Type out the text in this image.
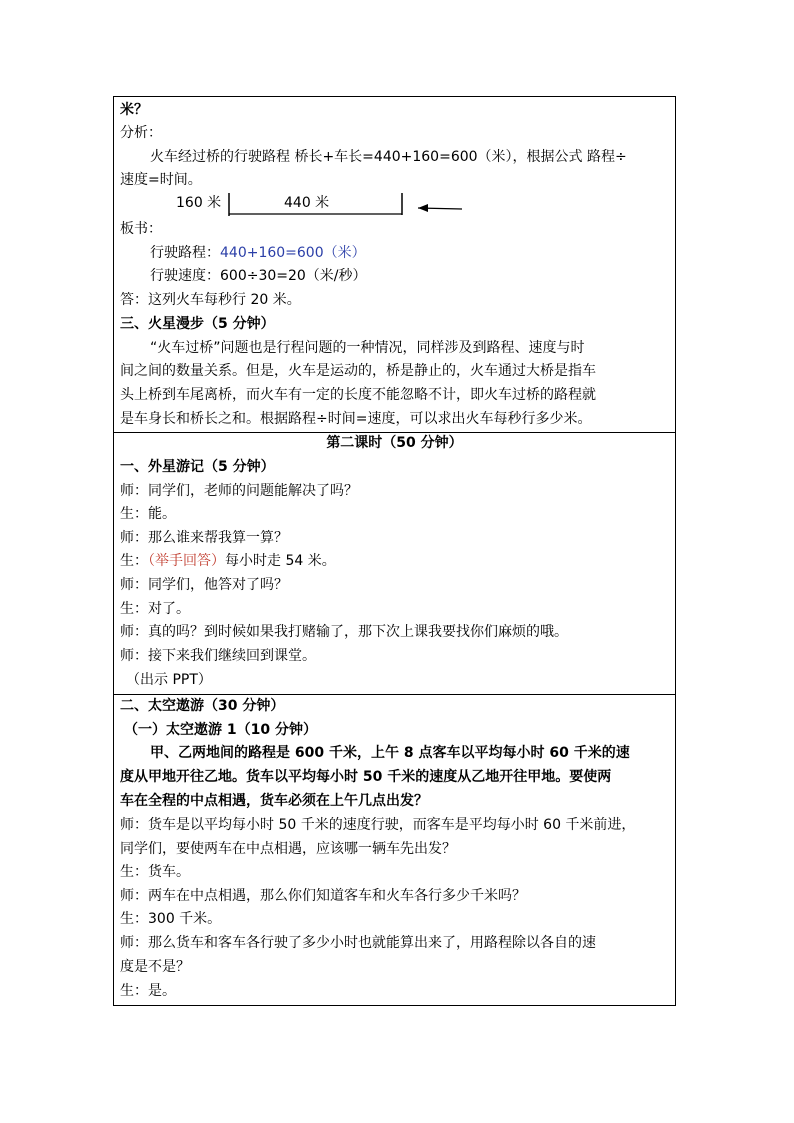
米？
分析：
火车经过桥的行驶路程 桥长+车长=440+160=600（米），根据公式 路程÷
速度=时间。
160 米	440 米
板书：
行驶路程：440+160=600（米）
行驶速度：600÷30=20（米/秒）
答：这列火车每秒行 20 米。
三、火星漫步（5 分钟）
“火车过桥”问题也是行程问题的一种情况，同样涉及到路程、速度与时
间之间的数量关系。但是，火车是运动的，桥是静止的，火车通过大桥是指车
头上桥到车尾离桥，而火车有一定的长度不能忽略不计，即火车过桥的路程就
是车身长和桥长之和。根据路程÷时间=速度，可以求出火车每秒行多少米。
第二课时（50 分钟）
一、外星游记（5 分钟）
师：同学们，老师的问题能解决了吗？
生：能。
师：那么谁来帮我算一算？
生：（举手回答）每小时走 54 米。
师：同学们，他答对了吗？
生：对了。
师：真的吗？到时候如果我打赌输了，那下次上课我要找你们麻烦的哦。
师：接下来我们继续回到课堂。
（出示 PPT）
二、太空遨游（30 分钟）
（一）太空遨游 1（10 分钟）
甲、乙两地间的路程是 600 千米，上午 8 点客车以平均每小时 60 千米的速
度从甲地开往乙地。货车以平均每小时 50 千米的速度从乙地开往甲地。要使两
车在全程的中点相遇，货车必须在上午几点出发？
师：货车是以平均每小时 50 千米的速度行驶，而客车是平均每小时 60 千米前进，
同学们，要使两车在中点相遇，应该哪一辆车先出发？
生：货车。
师：两车在中点相遇，那么你们知道客车和火车各行多少千米吗？
生：300 千米。
师：那么货车和客车各行驶了多少小时也就能算出来了，用路程除以各自的速
度是不是？
生：是。
